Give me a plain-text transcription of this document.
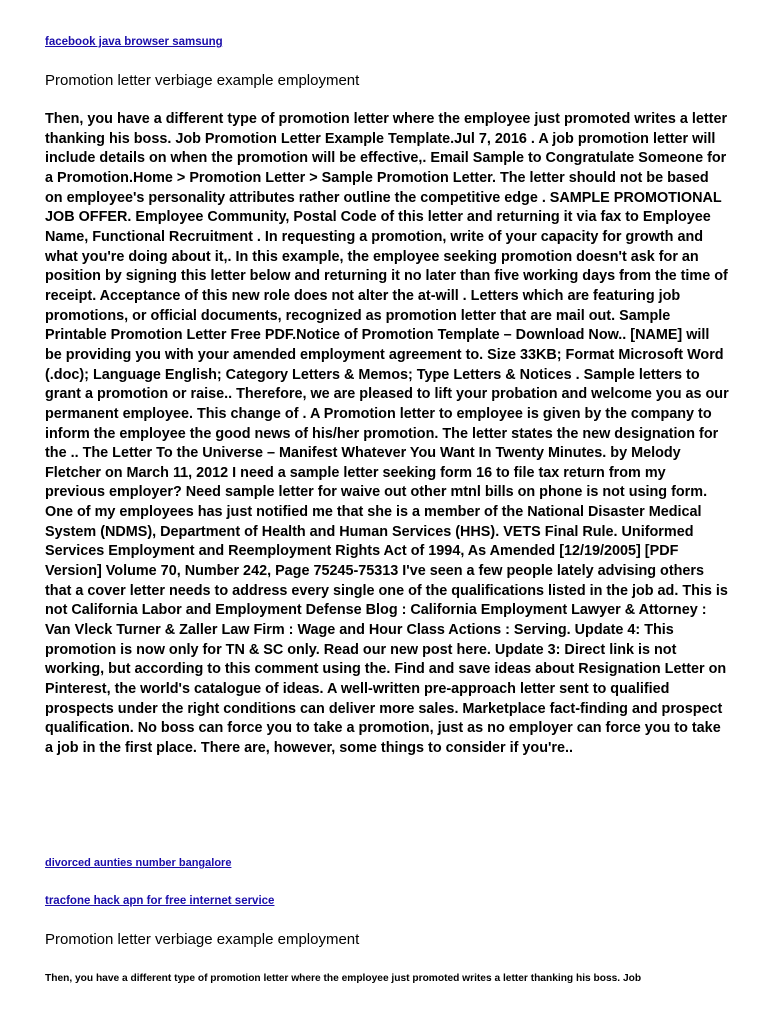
facebook java browser samsung
Promotion letter verbiage example employment

Then, you have a different type of promotion letter where the employee just promoted writes a letter thanking his boss. Job Promotion Letter Example Template.Jul 7, 2016 . A job promotion letter will include details on when the promotion will be effective,. Email Sample to Congratulate Someone for a Promotion.Home > Promotion Letter > Sample Promotion Letter. The letter should not be based on employee's personality attributes rather outline the competitive edge . SAMPLE PROMOTIONAL JOB OFFER. Employee Community, Postal Code of this letter and returning it via fax to Employee Name, Functional Recruitment . In requesting a promotion, write of your capacity for growth and what you're doing about it,. In this example, the employee seeking promotion doesn't ask for an position by signing this letter below and returning it no later than five working days from the time of receipt. Acceptance of this new role does not alter the at-will . Letters which are featuring job promotions, or official documents, recognized as promotion letter that are mail out. Sample Printable Promotion Letter Free PDF.Notice of Promotion Template – Download Now.. [NAME] will be providing you with your amended employment agreement to. Size 33KB; Format Microsoft Word (.doc); Language English; Category Letters & Memos; Type Letters & Notices . Sample letters to grant a promotion or raise.. Therefore, we are pleased to lift your probation and welcome you as our permanent employee. This change of . A Promotion letter to employee is given by the company to inform the employee the good news of his/her promotion. The letter states the new designation for the .. The Letter To the Universe – Manifest Whatever You Want In Twenty Minutes. by Melody Fletcher on March 11, 2012 I need a sample letter seeking form 16 to file tax return from my previous employer? Need sample letter for waive out other mtnl bills on phone is not using form. One of my employees has just notified me that she is a member of the National Disaster Medical System (NDMS), Department of Health and Human Services (HHS). VETS Final Rule. Uniformed Services Employment and Reemployment Rights Act of 1994, As Amended [12/19/2005] [PDF Version] Volume 70, Number 242, Page 75245-75313 I've seen a few people lately advising others that a cover letter needs to address every single one of the qualifications listed in the job ad. This is not California Labor and Employment Defense Blog : California Employment Lawyer & Attorney : Van Vleck Turner & Zaller Law Firm : Wage and Hour Class Actions : Serving. Update 4: This promotion is now only for TN & SC only. Read our new post here. Update 3: Direct link is not working, but according to this comment using the. Find and save ideas about Resignation Letter on Pinterest, the world's catalogue of ideas. A well-written pre-approach letter sent to qualified prospects under the right conditions can deliver more sales. Marketplace fact-finding and prospect qualification. No boss can force you to take a promotion, just as no employer can force you to take a job in the first place. There are, however, some things to consider if you're..

divorced aunties number bangalore
tracfone hack apn for free internet service
Promotion letter verbiage example employment

Then, you have a different type of promotion letter where the employee just promoted writes a letter thanking his boss. Job
